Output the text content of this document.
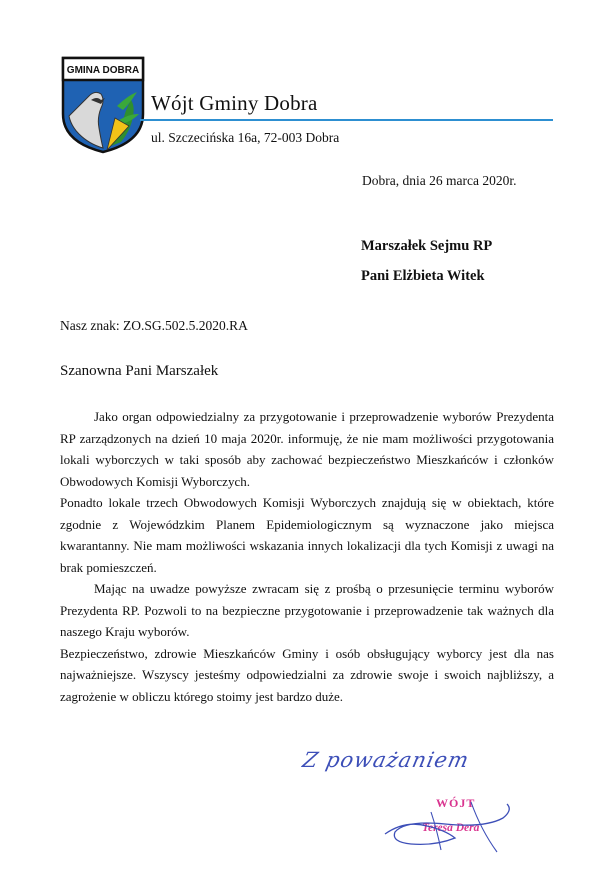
GMINA DOBRA
Wójt Gminy Dobra
ul. Szczecińska 16a, 72-003 Dobra
Dobra, dnia 26 marca 2020r.
Marszałek Sejmu RP
Pani Elżbieta Witek
Nasz znak: ZO.SG.502.5.2020.RA
Szanowna Pani Marszałek

Jako organ odpowiedzialny za przygotowanie i przeprowadzenie wyborów Prezydenta RP zarządzonych na dzień 10 maja 2020r. informuję, że nie mam możliwości przygotowania lokali wyborczych w taki sposób aby zachować bezpieczeństwo Mieszkańców i członków Obwodowych Komisji Wyborczych.

Ponadto lokale trzech Obwodowych Komisji Wyborczych znajdują się w obiektach, które zgodnie z Wojewódzkim Planem Epidemiologicznym są wyznaczone jako miejsca kwarantanny. Nie mam możliwości wskazania innych lokalizacji dla tych Komisji z uwagi na brak pomieszczeń.

Mając na uwadze powyższe zwracam się z prośbą o przesunięcie terminu wyborów Prezydenta RP. Pozwoli to na bezpieczne przygotowanie i przeprowadzenie tak ważnych dla naszego Kraju wyborów.

Bezpieczeństwo, zdrowie Mieszkańców Gminy i osób obsługujący wyborcy jest dla nas najważniejsze. Wszyscy jesteśmy odpowiedzialni za zdrowie swoje i swoich najbliższy, a zagrożenie w obliczu którego stoimy jest bardzo duże.

Z poważaniem
WÓJT
Teresa Dera
